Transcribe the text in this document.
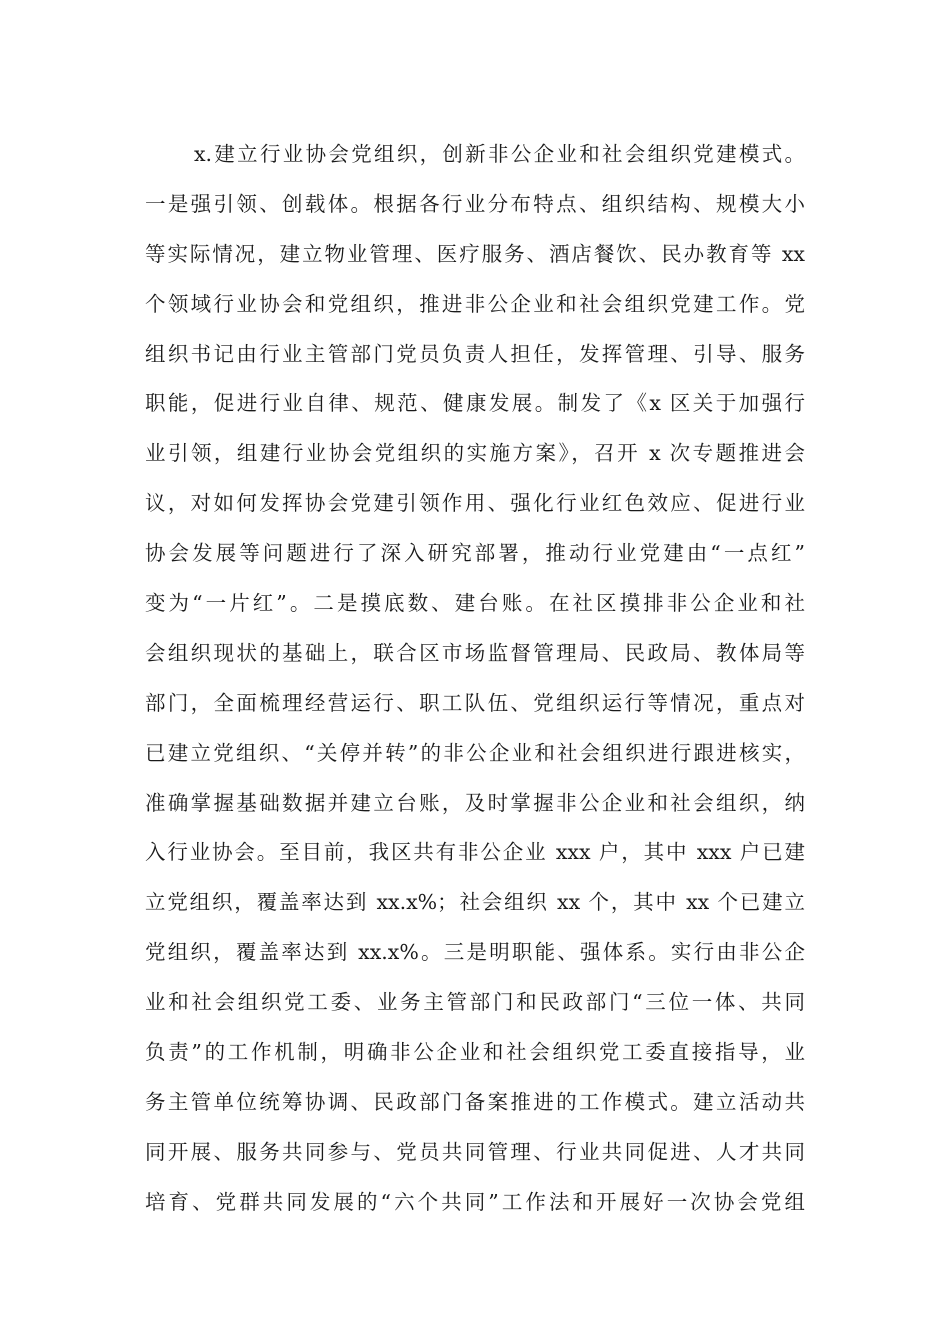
x.建立行业协会党组织，创新非公企业和社会组织党建模式。
一是强引领、创载体。根据各行业分布特点、组织结构、规模大小
等实际情况，建立物业管理、医疗服务、酒店餐饮、民办教育等 xx
个领域行业协会和党组织，推进非公企业和社会组织党建工作。党
组织书记由行业主管部门党员负责人担任，发挥管理、引导、服务
职能，促进行业自律、规范、健康发展。制发了《x 区关于加强行
业引领，组建行业协会党组织的实施方案》，召开 x 次专题推进会
议，对如何发挥协会党建引领作用、强化行业红色效应、促进行业
协会发展等问题进行了深入研究部署，推动行业党建由“一点红”
变为“一片红”。二是摸底数、建台账。在社区摸排非公企业和社
会组织现状的基础上，联合区市场监督管理局、民政局、教体局等
部门，全面梳理经营运行、职工队伍、党组织运行等情况，重点对
已建立党组织、“关停并转”的非公企业和社会组织进行跟进核实，
准确掌握基础数据并建立台账，及时掌握非公企业和社会组织，纳
入行业协会。至目前，我区共有非公企业 xxx 户，其中 xxx 户已建
立党组织，覆盖率达到 xx.x%；社会组织 xx 个，其中 xx 个已建立
党组织，覆盖率达到 xx.x%。三是明职能、强体系。实行由非公企
业和社会组织党工委、业务主管部门和民政部门“三位一体、共同
负责”的工作机制，明确非公企业和社会组织党工委直接指导，业
务主管单位统筹协调、民政部门备案推进的工作模式。建立活动共
同开展、服务共同参与、党员共同管理、行业共同促进、人才共同
培育、党群共同发展的“六个共同”工作法和开展好一次协会党组
